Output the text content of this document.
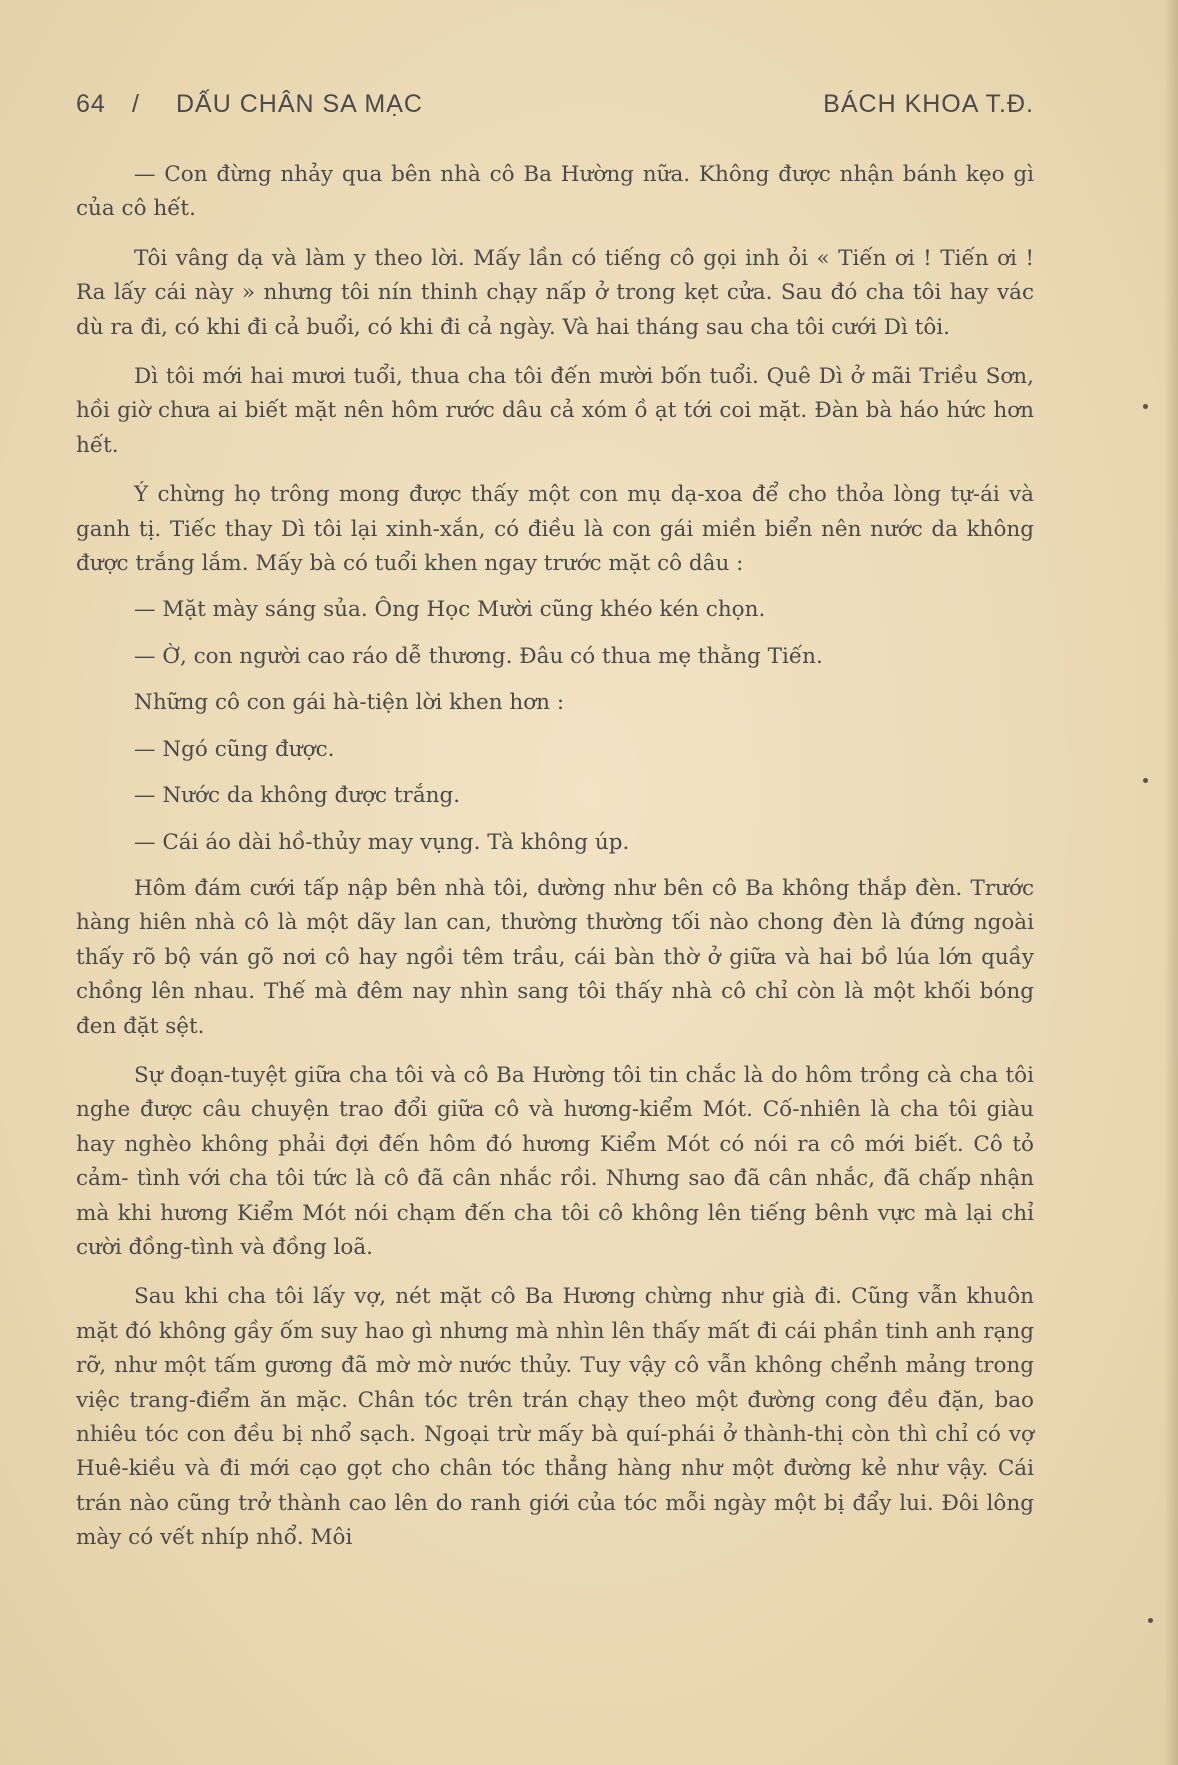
64 / DẤU CHÂN SA MẠC	BÁCH KHOA T.Đ.

— Con đừng nhảy qua bên nhà cô Ba Hường nữa. Không được nhận bánh kẹo gì của cô hết.

Tôi vâng dạ và làm y theo lời. Mấy lần có tiếng cô gọi inh ỏi « Tiến ơi ! Tiến ơi ! Ra lấy cái này » nhưng tôi nín thinh chạy nấp ở trong kẹt cửa. Sau đó cha tôi hay vác dù ra đi, có khi đi cả buổi, có khi đi cả ngày. Và hai tháng sau cha tôi cưới Dì tôi.

Dì tôi mới hai mươi tuổi, thua cha tôi đến mười bốn tuổi. Quê Dì ở mãi Triều Sơn, hồi giờ chưa ai biết mặt nên hôm rước dâu cả xóm ồ ạt tới coi mặt. Đàn bà háo hức hơn hết.

Ý chừng họ trông mong được thấy một con mụ dạ-xoa để cho thỏa lòng tự-ái và ganh tị. Tiếc thay Dì tôi lại xinh-xắn, có điều là con gái miền biển nên nước da không được trắng lắm. Mấy bà có tuổi khen ngay trước mặt cô dâu :

— Mặt mày sáng sủa. Ông Học Mười cũng khéo kén chọn.

— Ờ, con người cao ráo dễ thương. Đâu có thua mẹ thằng Tiến.

Những cô con gái hà-tiện lời khen hơn :

— Ngó cũng được.

— Nước da không được trắng.

— Cái áo dài hồ-thủy may vụng. Tà không úp.

Hôm đám cưới tấp nập bên nhà tôi, dường như bên cô Ba không thắp đèn. Trước hàng hiên nhà cô là một dãy lan can, thường thường tối nào chong đèn là đứng ngoài thấy rõ bộ ván gõ nơi cô hay ngồi têm trầu, cái bàn thờ ở giữa và hai bồ lúa lớn quầy chồng lên nhau. Thế mà đêm nay nhìn sang tôi thấy nhà cô chỉ còn là một khối bóng đen đặt sệt.

Sự đoạn-tuyệt giữa cha tôi và cô Ba Hường tôi tin chắc là do hôm trồng cà cha tôi nghe được câu chuyện trao đổi giữa cô và hương-kiểm Mót. Cố-nhiên là cha tôi giàu hay nghèo không phải đợi đến hôm đó hương Kiểm Mót có nói ra cô mới biết. Cô tỏ cảm- tình với cha tôi tức là cô đã cân nhắc rồi. Nhưng sao đã cân nhắc, đã chấp nhận mà khi hương Kiểm Mót nói chạm đến cha tôi cô không lên tiếng bênh vực mà lại chỉ cười đồng-tình và đồng loã.

Sau khi cha tôi lấy vợ, nét mặt cô Ba Hương chừng như già đi. Cũng vẫn khuôn mặt đó không gầy ốm suy hao gì nhưng mà nhìn lên thấy mất đi cái phần tinh anh rạng rỡ, như một tấm gương đã mờ mờ nước thủy. Tuy vậy cô vẫn không chểnh mảng trong việc trang-điểm ăn mặc. Chân tóc trên trán chạy theo một đường cong đều đặn, bao nhiêu tóc con đều bị nhổ sạch. Ngoại trừ mấy bà quí-phái ở thành-thị còn thì chỉ có vợ Huê-kiều và đi mới cạo gọt cho chân tóc thẳng hàng như một đường kẻ như vậy. Cái trán nào cũng trở thành cao lên do ranh giới của tóc mỗi ngày một bị đẩy lui. Đôi lông mày có vết nhíp nhổ. Môi
